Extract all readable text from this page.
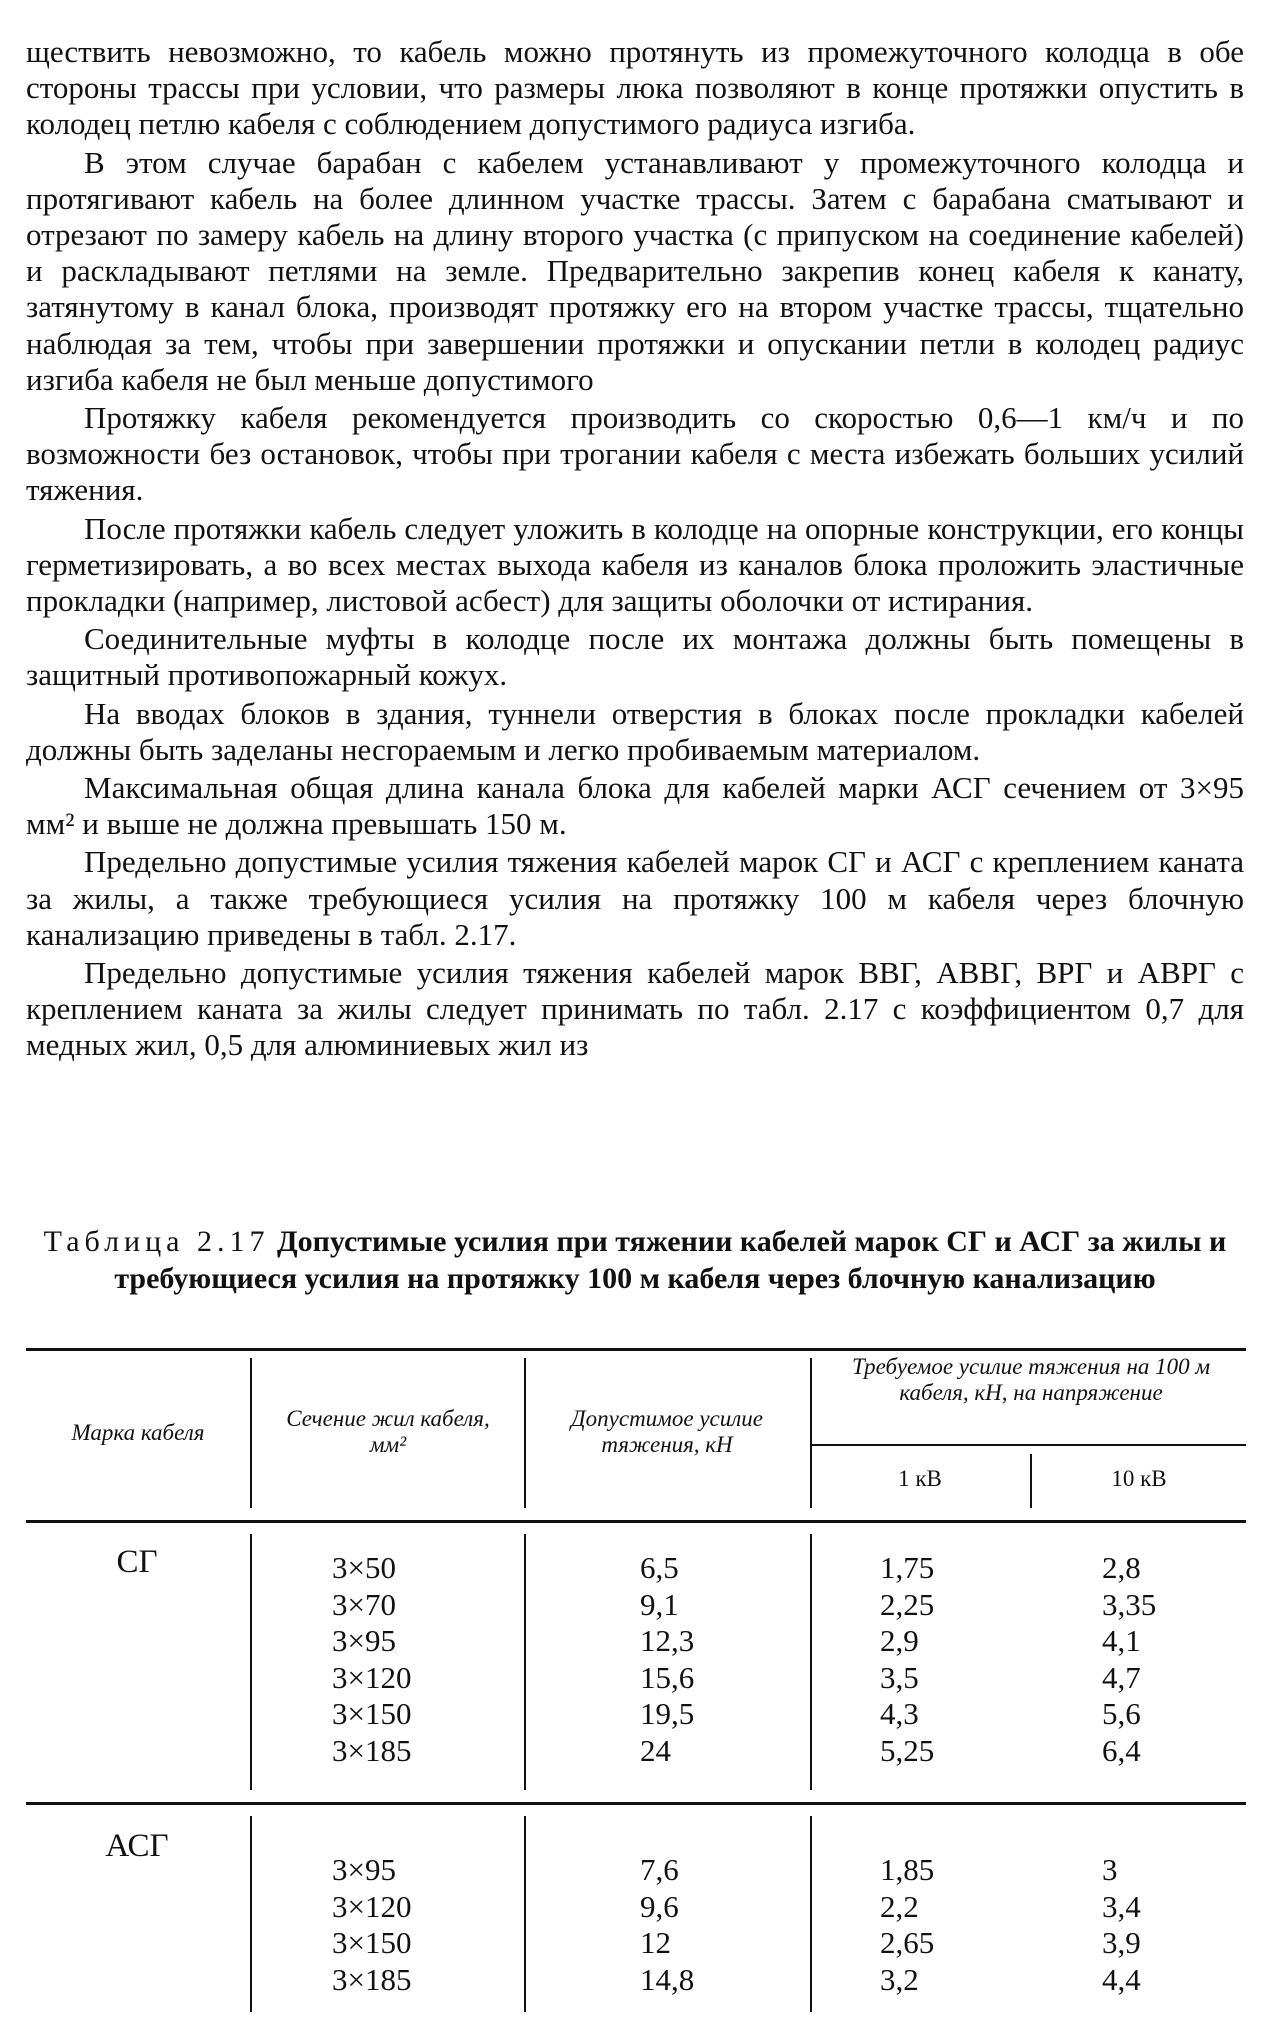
ществить невозможно, то кабель можно протянуть из промежуточного колодца в обе стороны трассы при условии, что размеры люка позволяют в конце протяжки опустить в колодец петлю кабеля с соблюдением допустимого радиуса изгиба.

В этом случае барабан с кабелем устанавливают у промежуточного колодца и протягивают кабель на более длинном участке трассы. Затем с барабана сматывают и отрезают по замеру кабель на длину второго участка (с припуском на соединение кабелей) и раскладывают петлями на земле. Предварительно закрепив конец кабеля к канату, затянутому в канал блока, производят протяжку его на втором участке трассы, тщательно наблюдая за тем, чтобы при завершении протяжки и опускании петли в колодец радиус изгиба кабеля не был меньше допустимого

Протяжку кабеля рекомендуется производить со скоростью 0,6—1 км/ч и по возможности без остановок, чтобы при трогании кабеля с места избежать больших усилий тяжения.

После протяжки кабель следует уложить в колодце на опорные конструкции, его концы герметизировать, а во всех местах выхода кабеля из каналов блока проложить эластичные прокладки (например, листовой асбест) для защиты оболочки от истирания.

Соединительные муфты в колодце после их монтажа должны быть помещены в защитный противопожарный кожух.

На вводах блоков в здания, туннели отверстия в блоках после прокладки кабелей должны быть заделаны несгораемым и легко пробиваемым материалом.

Максимальная общая длина канала блока для кабелей марки АСГ сечением от 3×95 мм² и выше не должна превышать 150 м.

Предельно допустимые усилия тяжения кабелей марок СГ и АСГ с креплением каната за жилы, а также требующиеся усилия на протяжку 100 м кабеля через блочную канализацию приведены в табл. 2.17.

Предельно допустимые усилия тяжения кабелей марок ВВГ, АВВГ, ВРГ и АВРГ с креплением каната за жилы следует принимать по табл. 2.17 с коэффициентом 0,7 для медных жил, 0,5 для алюминиевых жил из

Таблица 2.17 Допустимые усилия при тяжении кабелей марок СГ и АСГ за жилы и требующиеся усилия на протяжку 100 м кабеля через блочную канализацию
Марка кабеля
Сечение жил кабеля, мм²
Допустимое усилие тяжения, кН
Требуемое усилие тяжения на 100 м кабеля, кН, на напряжение
1 кВ	10 кВ
СГ	3×50
3×70
3×95
3×120
3×150
3×185
6,5
9,1
12,3
15,6
19,5
24
1,75
2,25
2,9
3,5
4,3
5,25
2,8
3,35
4,1
4,7
5,6
6,4
АСГ
3×95
3×120
3×150
3×185
7,6
9,6
12
14,8
1,85
2,2
2,65
3,2
3
3,4
3,9
4,4
